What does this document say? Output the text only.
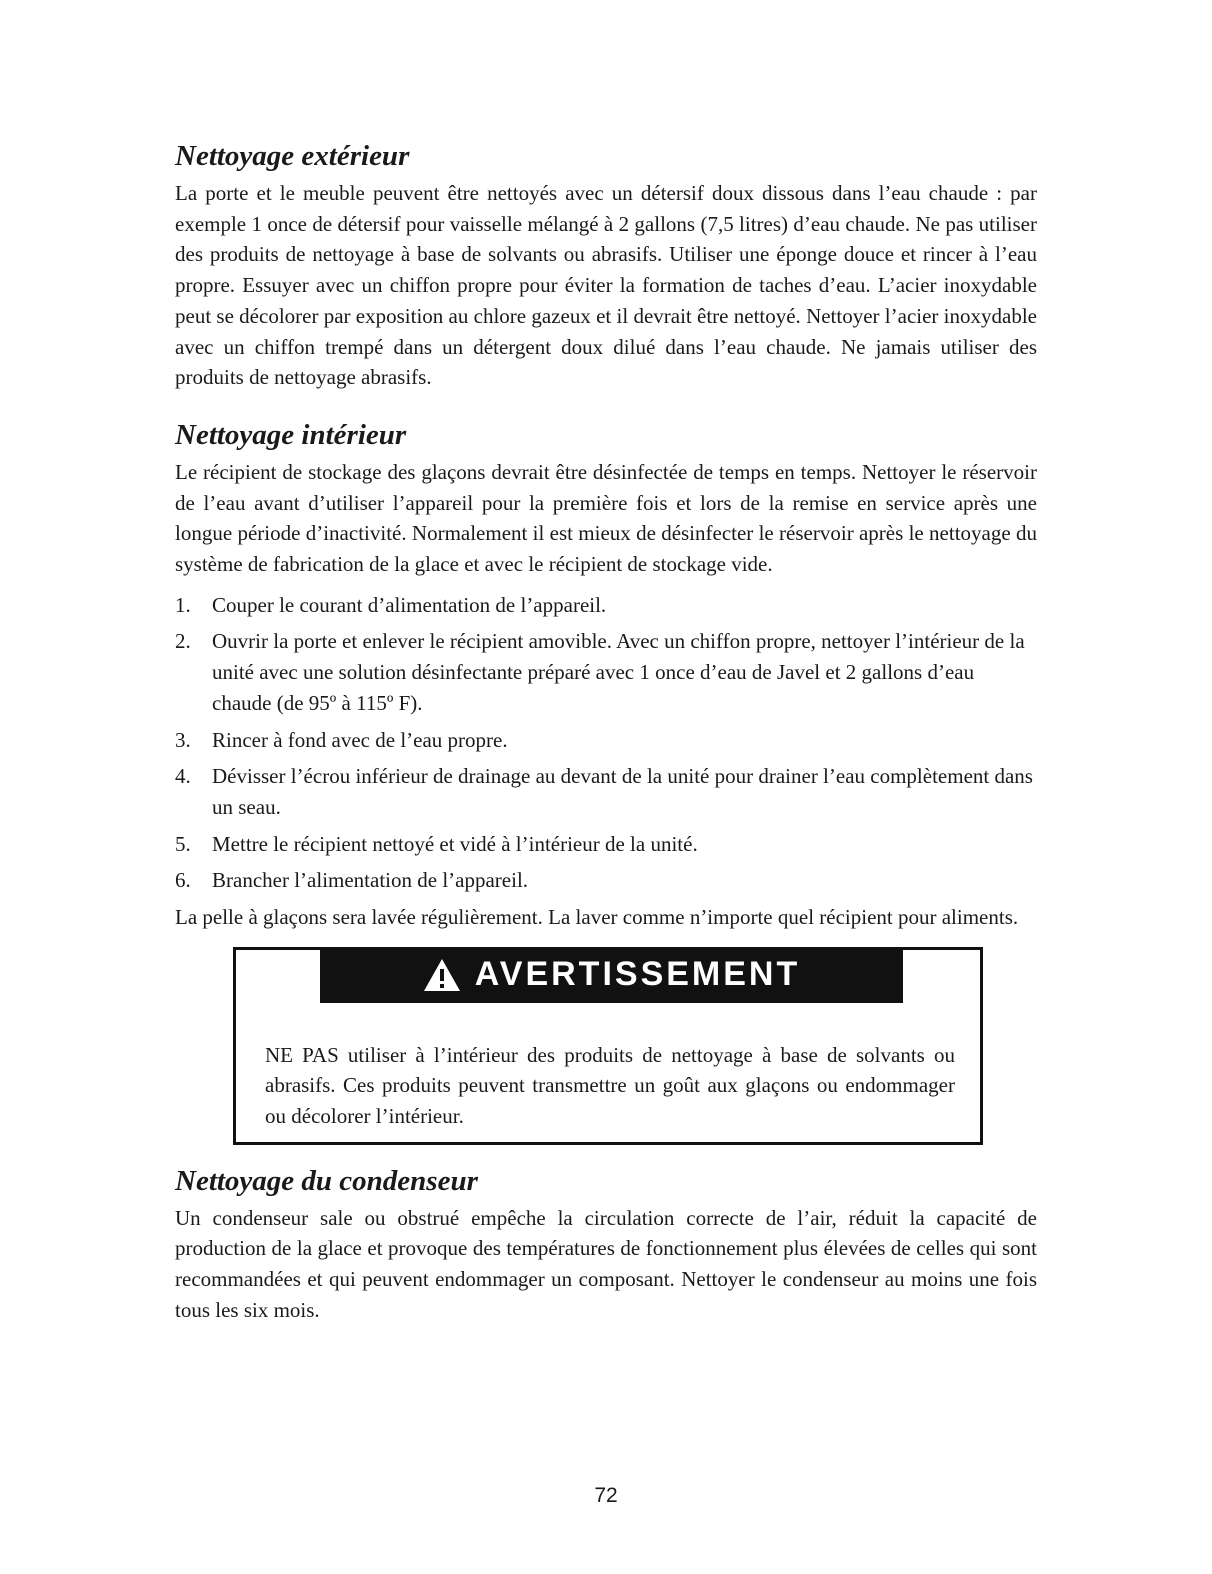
Nettoyage extérieur

La porte et le meuble peuvent être nettoyés avec un détersif doux dissous dans l’eau chaude : par exemple 1 once de détersif pour vaisselle mélangé à 2 gallons (7,5 litres) d’eau chaude. Ne pas utiliser des produits de nettoyage à base de solvants ou abrasifs. Utiliser une éponge douce et rincer à l’eau propre. Essuyer avec un chiffon propre pour éviter la formation de taches d’eau. L’acier inoxydable peut se décolorer par exposition au chlore gazeux et il devrait être nettoyé. Nettoyer l’acier inoxydable avec un chiffon trempé dans un détergent doux dilué dans l’eau chaude. Ne jamais utiliser des produits de nettoyage abrasifs.

Nettoyage intérieur

Le récipient de stockage des glaçons devrait être désinfectée de temps en temps. Nettoyer le réservoir de l’eau avant d’utiliser l’appareil pour la première fois et lors de la remise en service après une longue période d’inactivité. Normalement il est mieux de désinfecter le réservoir après le nettoyage du système de fabrication de la glace et avec le récipient de stockage vide.

1. Couper le courant d’alimentation de l’appareil.
2. Ouvrir la porte et enlever le récipient amovible. Avec un chiffon propre, nettoyer l’intérieur de la unité avec une solution désinfectante préparé avec 1 once d’eau de Javel et 2 gallons d’eau chaude (de 95º à 115º F).
3. Rincer à fond avec de l’eau propre.
4. Dévisser l’écrou inférieur de drainage au devant de la unité pour drainer l’eau complètement dans un seau.
5. Mettre le récipient nettoyé et vidé à l’intérieur de la unité.
6. Brancher l’alimentation de l’appareil.

La pelle à glaçons sera lavée régulièrement. La laver comme n’importe quel récipient pour aliments.

AVERTISSEMENT

NE PAS utiliser à l’intérieur des produits de nettoyage à base de solvants ou abrasifs. Ces produits peuvent transmettre un goût aux glaçons ou endommager ou décolorer l’intérieur.

Nettoyage du condenseur

Un condenseur sale ou obstrué empêche la circulation correcte de l’air, réduit la capacité de production de la glace et provoque des températures de fonctionnement plus élevées de celles qui sont recommandées et qui peuvent endommager un composant. Nettoyer le condenseur au moins une fois tous les six mois.

72
